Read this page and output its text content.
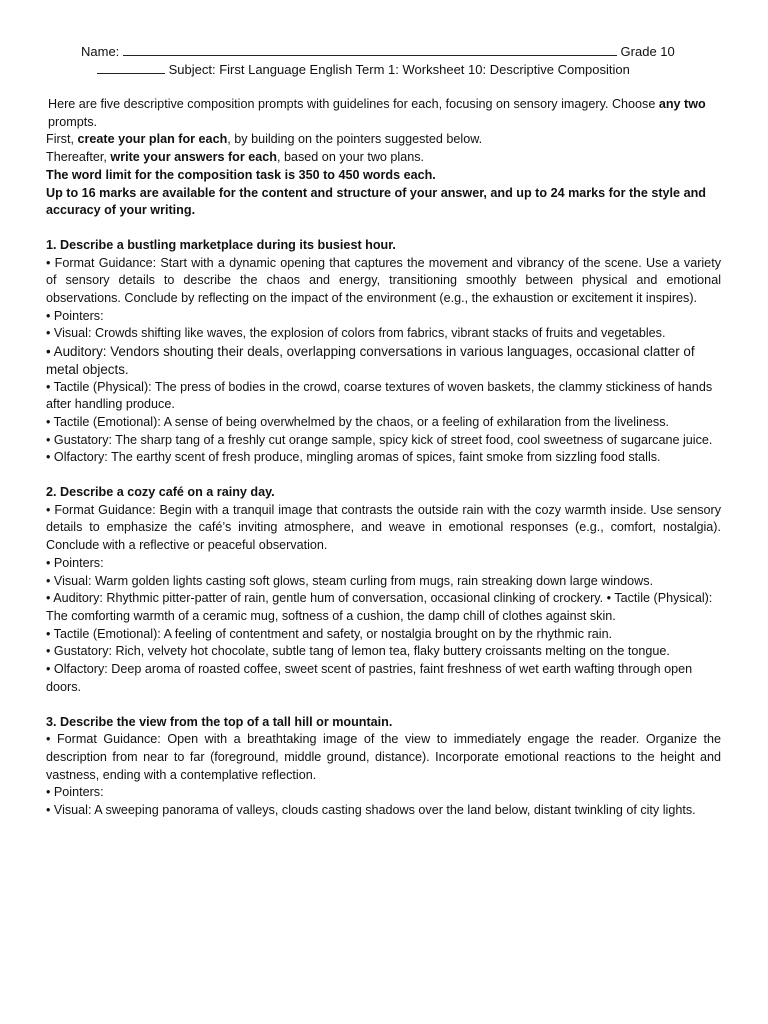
Name:	Grade 10
Subject: First Language English Term 1: Worksheet 10: Descriptive Composition

Here are five descriptive composition prompts with guidelines for each, focusing on sensory imagery. Choose any two prompts.

First, create your plan for each, by building on the pointers suggested below.

Thereafter, write your answers for each, based on your two plans.

The word limit for the composition task is 350 to 450 words each.

Up to 16 marks are available for the content and structure of your answer, and up to 24 marks for the style and accuracy of your writing.

1. Describe a bustling marketplace during its busiest hour.

• Format Guidance: Start with a dynamic opening that captures the movement and vibrancy of the scene. Use a variety of sensory details to describe the chaos and energy, transitioning smoothly between physical and emotional observations. Conclude by reflecting on the impact of the environment (e.g., the exhaustion or excitement it inspires).

• Pointers:

• Visual: Crowds shifting like waves, the explosion of colors from fabrics, vibrant stacks of fruits and vegetables.

• Auditory: Vendors shouting their deals, overlapping conversations in various languages, occasional clatter of metal objects.

• Tactile (Physical): The press of bodies in the crowd, coarse textures of woven baskets, the clammy stickiness of hands after handling produce.

• Tactile (Emotional): A sense of being overwhelmed by the chaos, or a feeling of exhilaration from the liveliness.

• Gustatory: The sharp tang of a freshly cut orange sample, spicy kick of street food, cool sweetness of sugarcane juice.

• Olfactory: The earthy scent of fresh produce, mingling aromas of spices, faint smoke from sizzling food stalls.

2. Describe a cozy café on a rainy day.

• Format Guidance: Begin with a tranquil image that contrasts the outside rain with the cozy warmth inside. Use sensory details to emphasize the café’s inviting atmosphere, and weave in emotional responses (e.g., comfort, nostalgia). Conclude with a reflective or peaceful observation.

• Pointers:

• Visual: Warm golden lights casting soft glows, steam curling from mugs, rain streaking down large windows.

• Auditory: Rhythmic pitter-patter of rain, gentle hum of conversation, occasional clinking of crockery. • Tactile (Physical): The comforting warmth of a ceramic mug, softness of a cushion, the damp chill of clothes against skin.

• Tactile (Emotional): A feeling of contentment and safety, or nostalgia brought on by the rhythmic rain.

• Gustatory: Rich, velvety hot chocolate, subtle tang of lemon tea, flaky buttery croissants melting on the tongue.

• Olfactory: Deep aroma of roasted coffee, sweet scent of pastries, faint freshness of wet earth wafting through open doors.

3. Describe the view from the top of a tall hill or mountain.

• Format Guidance: Open with a breathtaking image of the view to immediately engage the reader. Organize the description from near to far (foreground, middle ground, distance). Incorporate emotional reactions to the height and vastness, ending with a contemplative reflection.

• Pointers:

• Visual: A sweeping panorama of valleys, clouds casting shadows over the land below, distant twinkling of city lights.
